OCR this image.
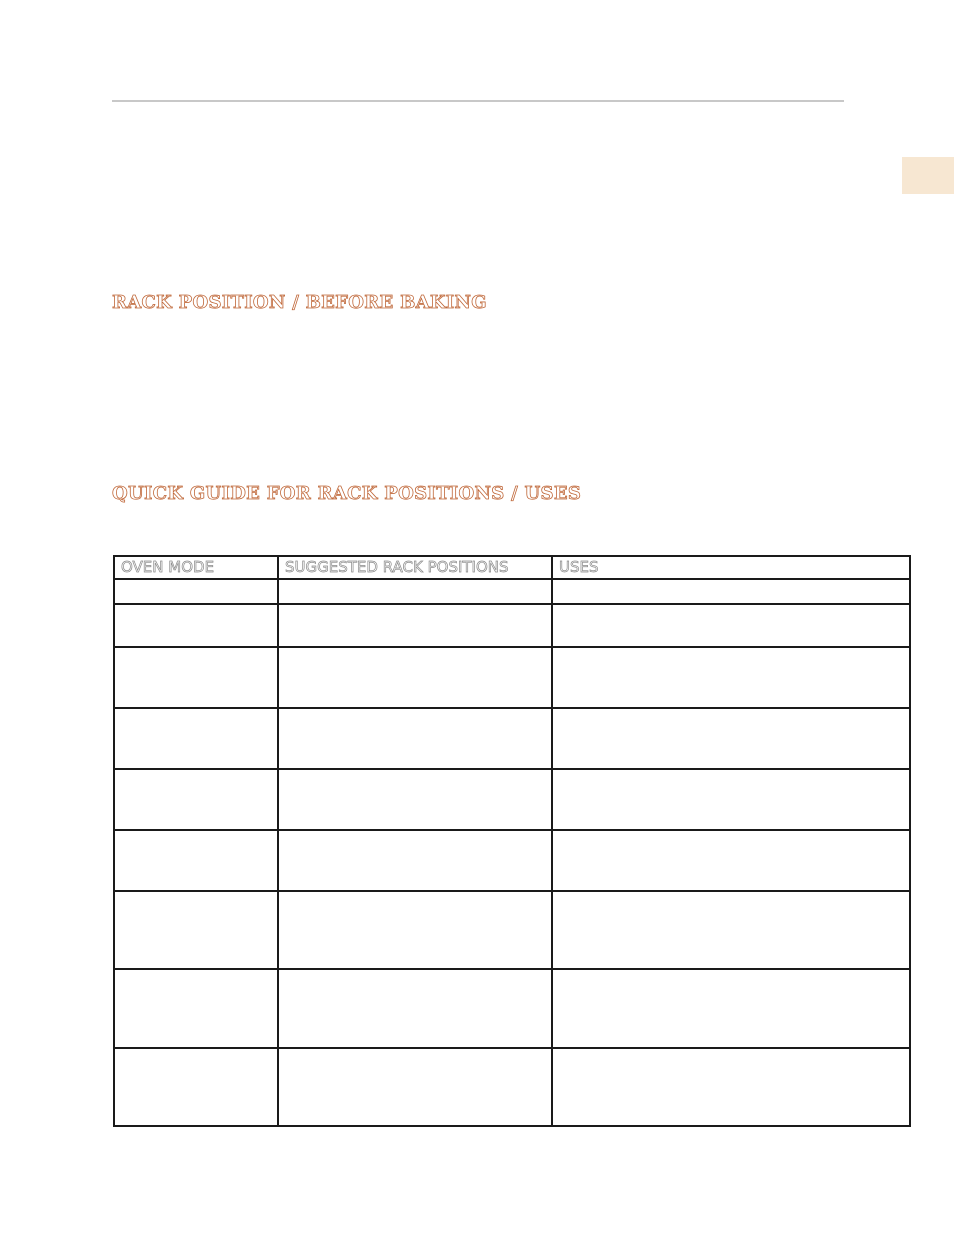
RACK POSITION / BEFORE BAKING
QUICK GUIDE FOR RACK POSITIONS / USES
OVEN MODE	SUGGESTED RACK POSITIONS	USES
